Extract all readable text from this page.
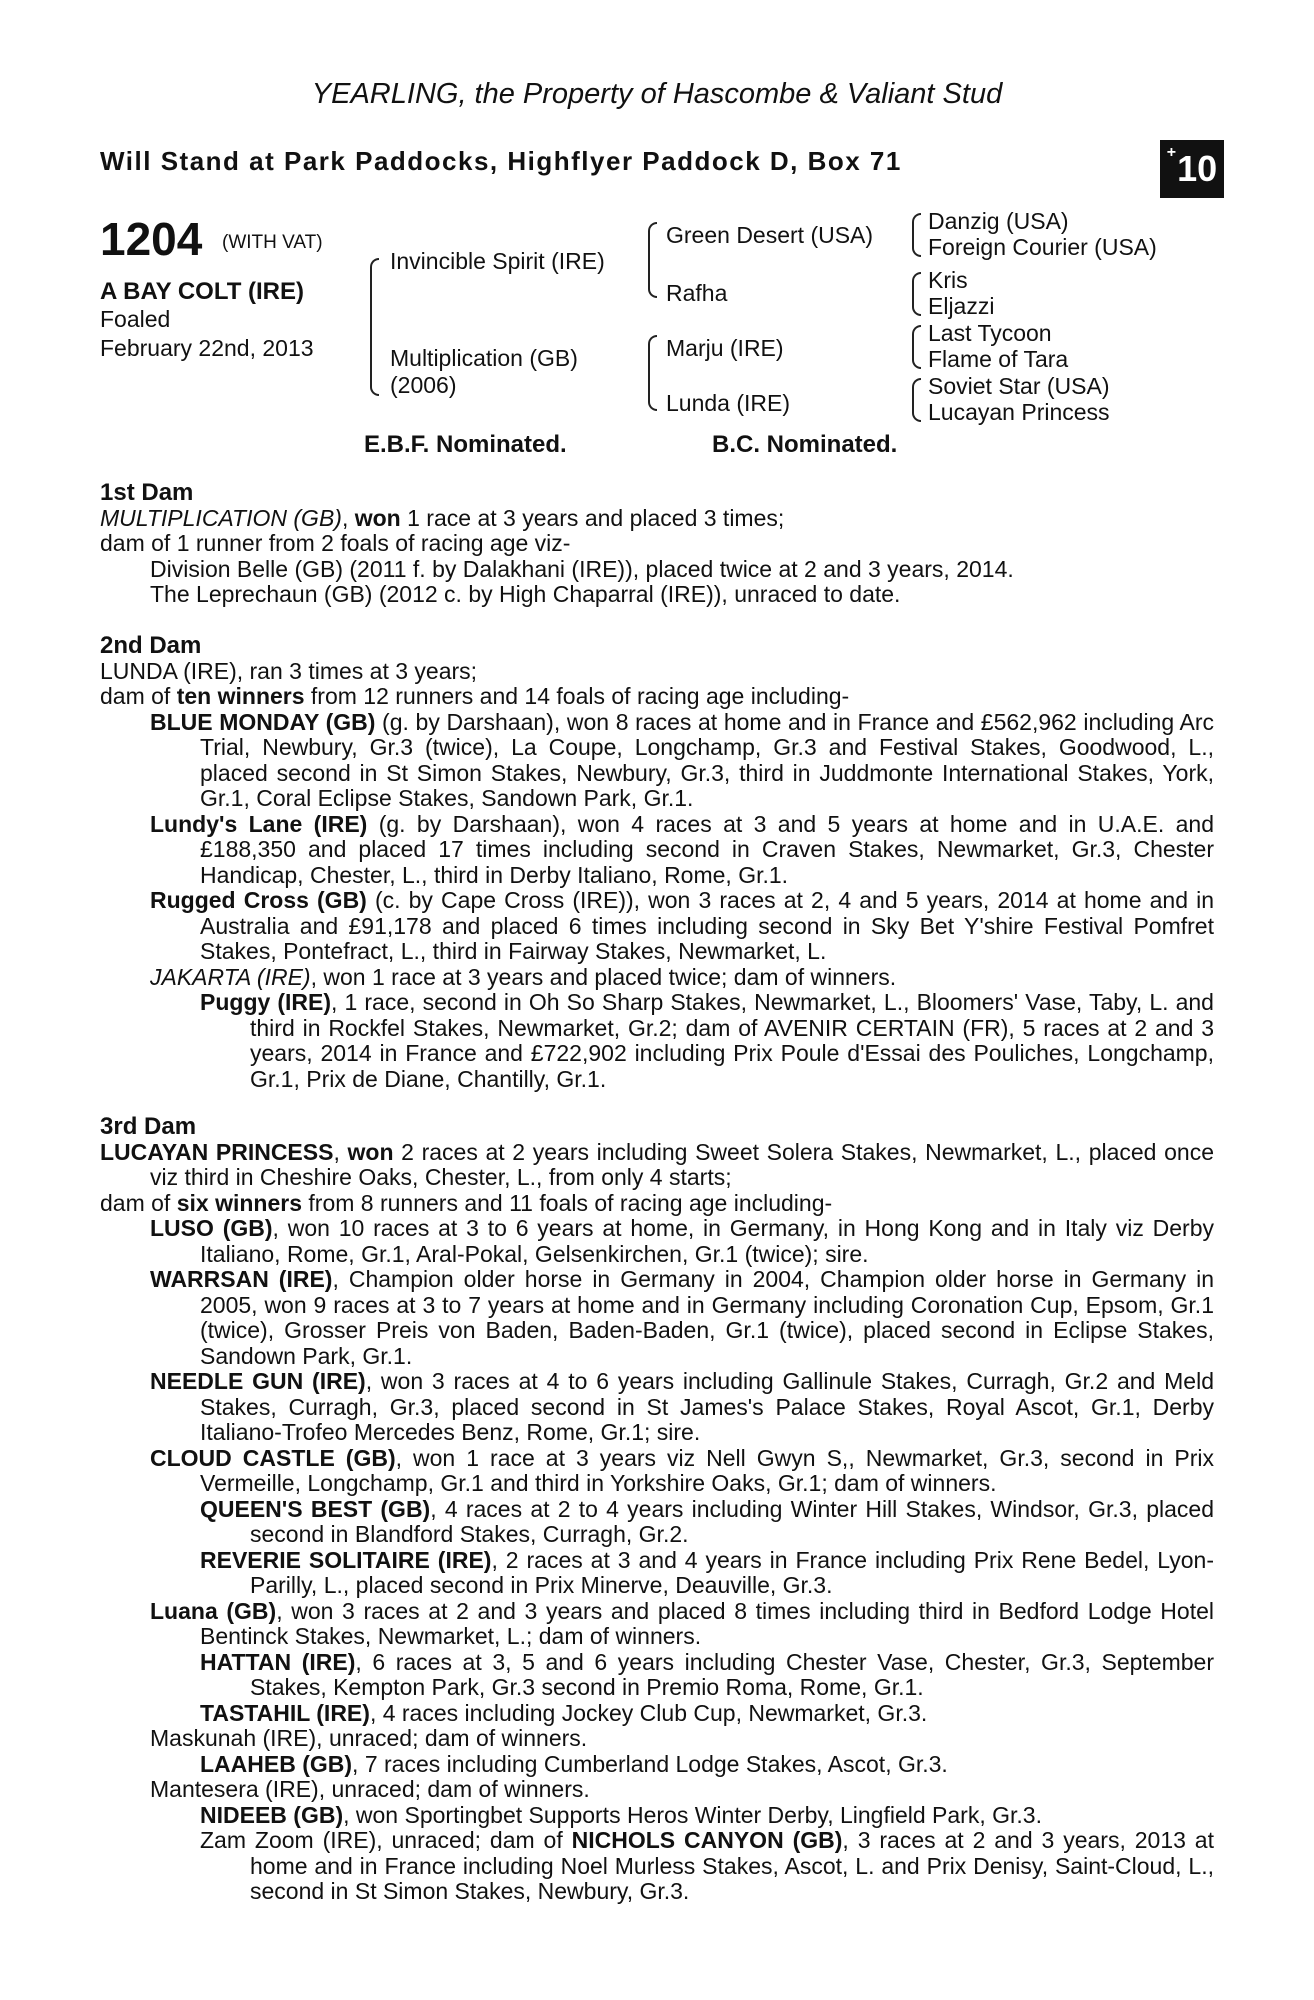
YEARLING, the Property of Hascombe & Valiant Stud
Will Stand at Park Paddocks, Highflyer Paddock D, Box 71	+ 10
1204 (WITH VAT)
A BAY COLT (IRE)
Foaled
February 22nd, 2013
Invincible Spirit (IRE)
Multiplication (GB)
(2006)
Green Desert (USA)
Rafha
Marju (IRE)
Lunda (IRE)
Danzig (USA)
Foreign Courier (USA)
Kris
Eljazzi
Last Tycoon
Flame of Tara
Soviet Star (USA)
Lucayan Princess
E.B.F. Nominated.	B.C. Nominated.

1st Dam

MULTIPLICATION (GB), won 1 race at 3 years and placed 3 times;

dam of 1 runner from 2 foals of racing age viz-

Division Belle (GB) (2011 f. by Dalakhani (IRE)), placed twice at 2 and 3 years, 2014.

The Leprechaun (GB) (2012 c. by High Chaparral (IRE)), unraced to date.

2nd Dam

LUNDA (IRE), ran 3 times at 3 years;

dam of ten winners from 12 runners and 14 foals of racing age including-

BLUE MONDAY (GB) (g. by Darshaan), won 8 races at home and in France and £562,962 including Arc Trial, Newbury, Gr.3 (twice), La Coupe, Longchamp, Gr.3 and Festival Stakes, Goodwood, L., placed second in St Simon Stakes, Newbury, Gr.3, third in Juddmonte International Stakes, York, Gr.1, Coral Eclipse Stakes, Sandown Park, Gr.1.

Lundy's Lane (IRE) (g. by Darshaan), won 4 races at 3 and 5 years at home and in U.A.E. and £188,350 and placed 17 times including second in Craven Stakes, Newmarket, Gr.3, Chester Handicap, Chester, L., third in Derby Italiano, Rome, Gr.1.

Rugged Cross (GB) (c. by Cape Cross (IRE)), won 3 races at 2, 4 and 5 years, 2014 at home and in Australia and £91,178 and placed 6 times including second in Sky Bet Y'shire Festival Pomfret Stakes, Pontefract, L., third in Fairway Stakes, Newmarket, L.

JAKARTA (IRE), won 1 race at 3 years and placed twice; dam of winners.

Puggy (IRE), 1 race, second in Oh So Sharp Stakes, Newmarket, L., Bloomers' Vase, Taby, L. and third in Rockfel Stakes, Newmarket, Gr.2; dam of AVENIR CERTAIN (FR), 5 races at 2 and 3 years, 2014 in France and £722,902 including Prix Poule d'Essai des Pouliches, Longchamp, Gr.1, Prix de Diane, Chantilly, Gr.1.

3rd Dam

LUCAYAN PRINCESS, won 2 races at 2 years including Sweet Solera Stakes, Newmarket, L., placed once viz third in Cheshire Oaks, Chester, L., from only 4 starts;

dam of six winners from 8 runners and 11 foals of racing age including-

LUSO (GB), won 10 races at 3 to 6 years at home, in Germany, in Hong Kong and in Italy viz Derby Italiano, Rome, Gr.1, Aral-Pokal, Gelsenkirchen, Gr.1 (twice); sire.

WARRSAN (IRE), Champion older horse in Germany in 2004, Champion older horse in Germany in 2005, won 9 races at 3 to 7 years at home and in Germany including Coronation Cup, Epsom, Gr.1 (twice), Grosser Preis von Baden, Baden-Baden, Gr.1 (twice), placed second in Eclipse Stakes, Sandown Park, Gr.1.

NEEDLE GUN (IRE), won 3 races at 4 to 6 years including Gallinule Stakes, Curragh, Gr.2 and Meld Stakes, Curragh, Gr.3, placed second in St James's Palace Stakes, Royal Ascot, Gr.1, Derby Italiano-Trofeo Mercedes Benz, Rome, Gr.1; sire.

CLOUD CASTLE (GB), won 1 race at 3 years viz Nell Gwyn S,, Newmarket, Gr.3, second in Prix Vermeille, Longchamp, Gr.1 and third in Yorkshire Oaks, Gr.1; dam of winners.

QUEEN'S BEST (GB), 4 races at 2 to 4 years including Winter Hill Stakes, Windsor, Gr.3, placed second in Blandford Stakes, Curragh, Gr.2.

REVERIE SOLITAIRE (IRE), 2 races at 3 and 4 years in France including Prix Rene Bedel, Lyon-Parilly, L., placed second in Prix Minerve, Deauville, Gr.3.

Luana (GB), won 3 races at 2 and 3 years and placed 8 times including third in Bedford Lodge Hotel Bentinck Stakes, Newmarket, L.; dam of winners.

HATTAN (IRE), 6 races at 3, 5 and 6 years including Chester Vase, Chester, Gr.3, September Stakes, Kempton Park, Gr.3 second in Premio Roma, Rome, Gr.1.

TASTAHIL (IRE), 4 races including Jockey Club Cup, Newmarket, Gr.3.

Maskunah (IRE), unraced; dam of winners.

LAAHEB (GB), 7 races including Cumberland Lodge Stakes, Ascot, Gr.3.

Mantesera (IRE), unraced; dam of winners.

NIDEEB (GB), won Sportingbet Supports Heros Winter Derby, Lingfield Park, Gr.3.

Zam Zoom (IRE), unraced; dam of NICHOLS CANYON (GB), 3 races at 2 and 3 years, 2013 at home and in France including Noel Murless Stakes, Ascot, L. and Prix Denisy, Saint-Cloud, L., second in St Simon Stakes, Newbury, Gr.3.
